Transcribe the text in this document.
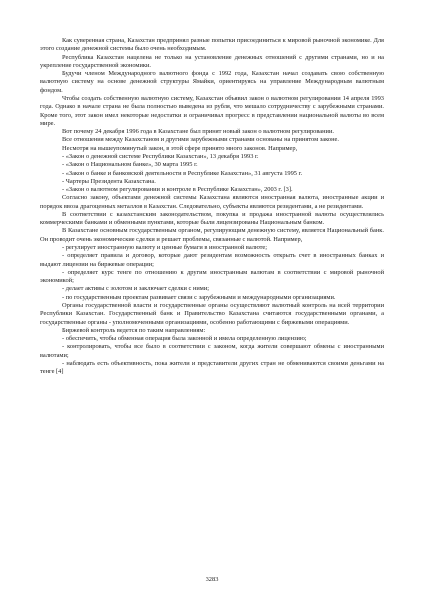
Как суверенная страна, Казахстан предпринял разные попытки присоединиться к мировой рыночной экономике. Для этого создание денежной системы было очень необходимым.

Республика Казахстан нацелена не только на установление денежных отношений с другими странами, но и на укрепление государственной экономики.

Будучи членом Международного валютного фонда с 1992 года, Казахстан начал создавать свою собственную валютную систему на основе денежной структуры Ямайки, ориентируясь на управление Международным валютным фондом.

Чтобы создать собственную валютную систему, Казахстан объявил закон о валютном регулировании 14 апреля 1993 года. Однако в начале страна не была полностью выведена из рубля, что мешало сотрудничеству с зарубежными странами. Кроме того, этот закон имел некоторые недостатки и ограничивал прогресс в представлении национальной валюты во всем мире.

Вот почему 24 декабря 1996 года в Казахстане был принят новый закон о валютном регулировании.

Все отношения между Казахстаном и другими зарубежными странами основаны на принятом законе.

Несмотря на вышеупомянутый закон, в этой сфере принято много законов. Например,

- «Закон о денежной системе Республики Казахстан», 13 декабря 1993 г.

- «Закон о Национальном банке», 30 марта 1995 г.

- «Закон о банке и банковской деятельности в Республике Казахстан», 31 августа 1995 г.

- Чартеры Президента Казахстана.

- «Закон о валютном регулировании и контроле в Республике Казахстан», 2003 г. [3].

Согласно закону, объектами денежной системы Казахстана являются иностранная валюта, иностранные акции и порядок ввоза драгоценных металлов в Казахстан. Следовательно, субъекты являются резидентами, а не резидентами.

В соответствии с казахстанским законодательством, покупка и продажа иностранной валюты осуществлялись коммерческими банками и обменными пунктами, которые были лицензированы Национальным банком.

В Казахстане основным государственным органом, регулирующим денежную систему, является Национальный банк. Он проводит очень экономические сделки и решает проблемы, связанные с валютой. Например,

- регулирует иностранную валюту и ценные бумаги в иностранной валюте;

- определяет правила и договор, которые дают резидентам возможность открыть счет в иностранных банках и выдают лицензии на биржевые операции;

- определяет курс тенге по отношению к другим иностранным валютам в соответствии с мировой рыночной экономикой;

- делает активы с золотом и заключает сделки с ними;

- по государственным проектам развивает связи с зарубежными и международными организациями.

Органы государственной власти и государственные органы осуществляют валютный контроль на всей территории Республики Казахстан. Государственный банк и Правительство Казахстана считаются государственными органами, а государственные органы - уполномоченными организациями, особенно работающими с биржевыми операциями.

Биржевой контроль ведется по таким направлениям:

- обеспечить, чтобы обменная операция была законной и имела определенную лицензию;

- контролировать, чтобы все было в соответствии с законом, когда жители совершают обмены с иностранными валютами;

- наблюдать есть объективность, пока жители и представители других стран не обмениваются своими деньгами на тенге [4]

3283
